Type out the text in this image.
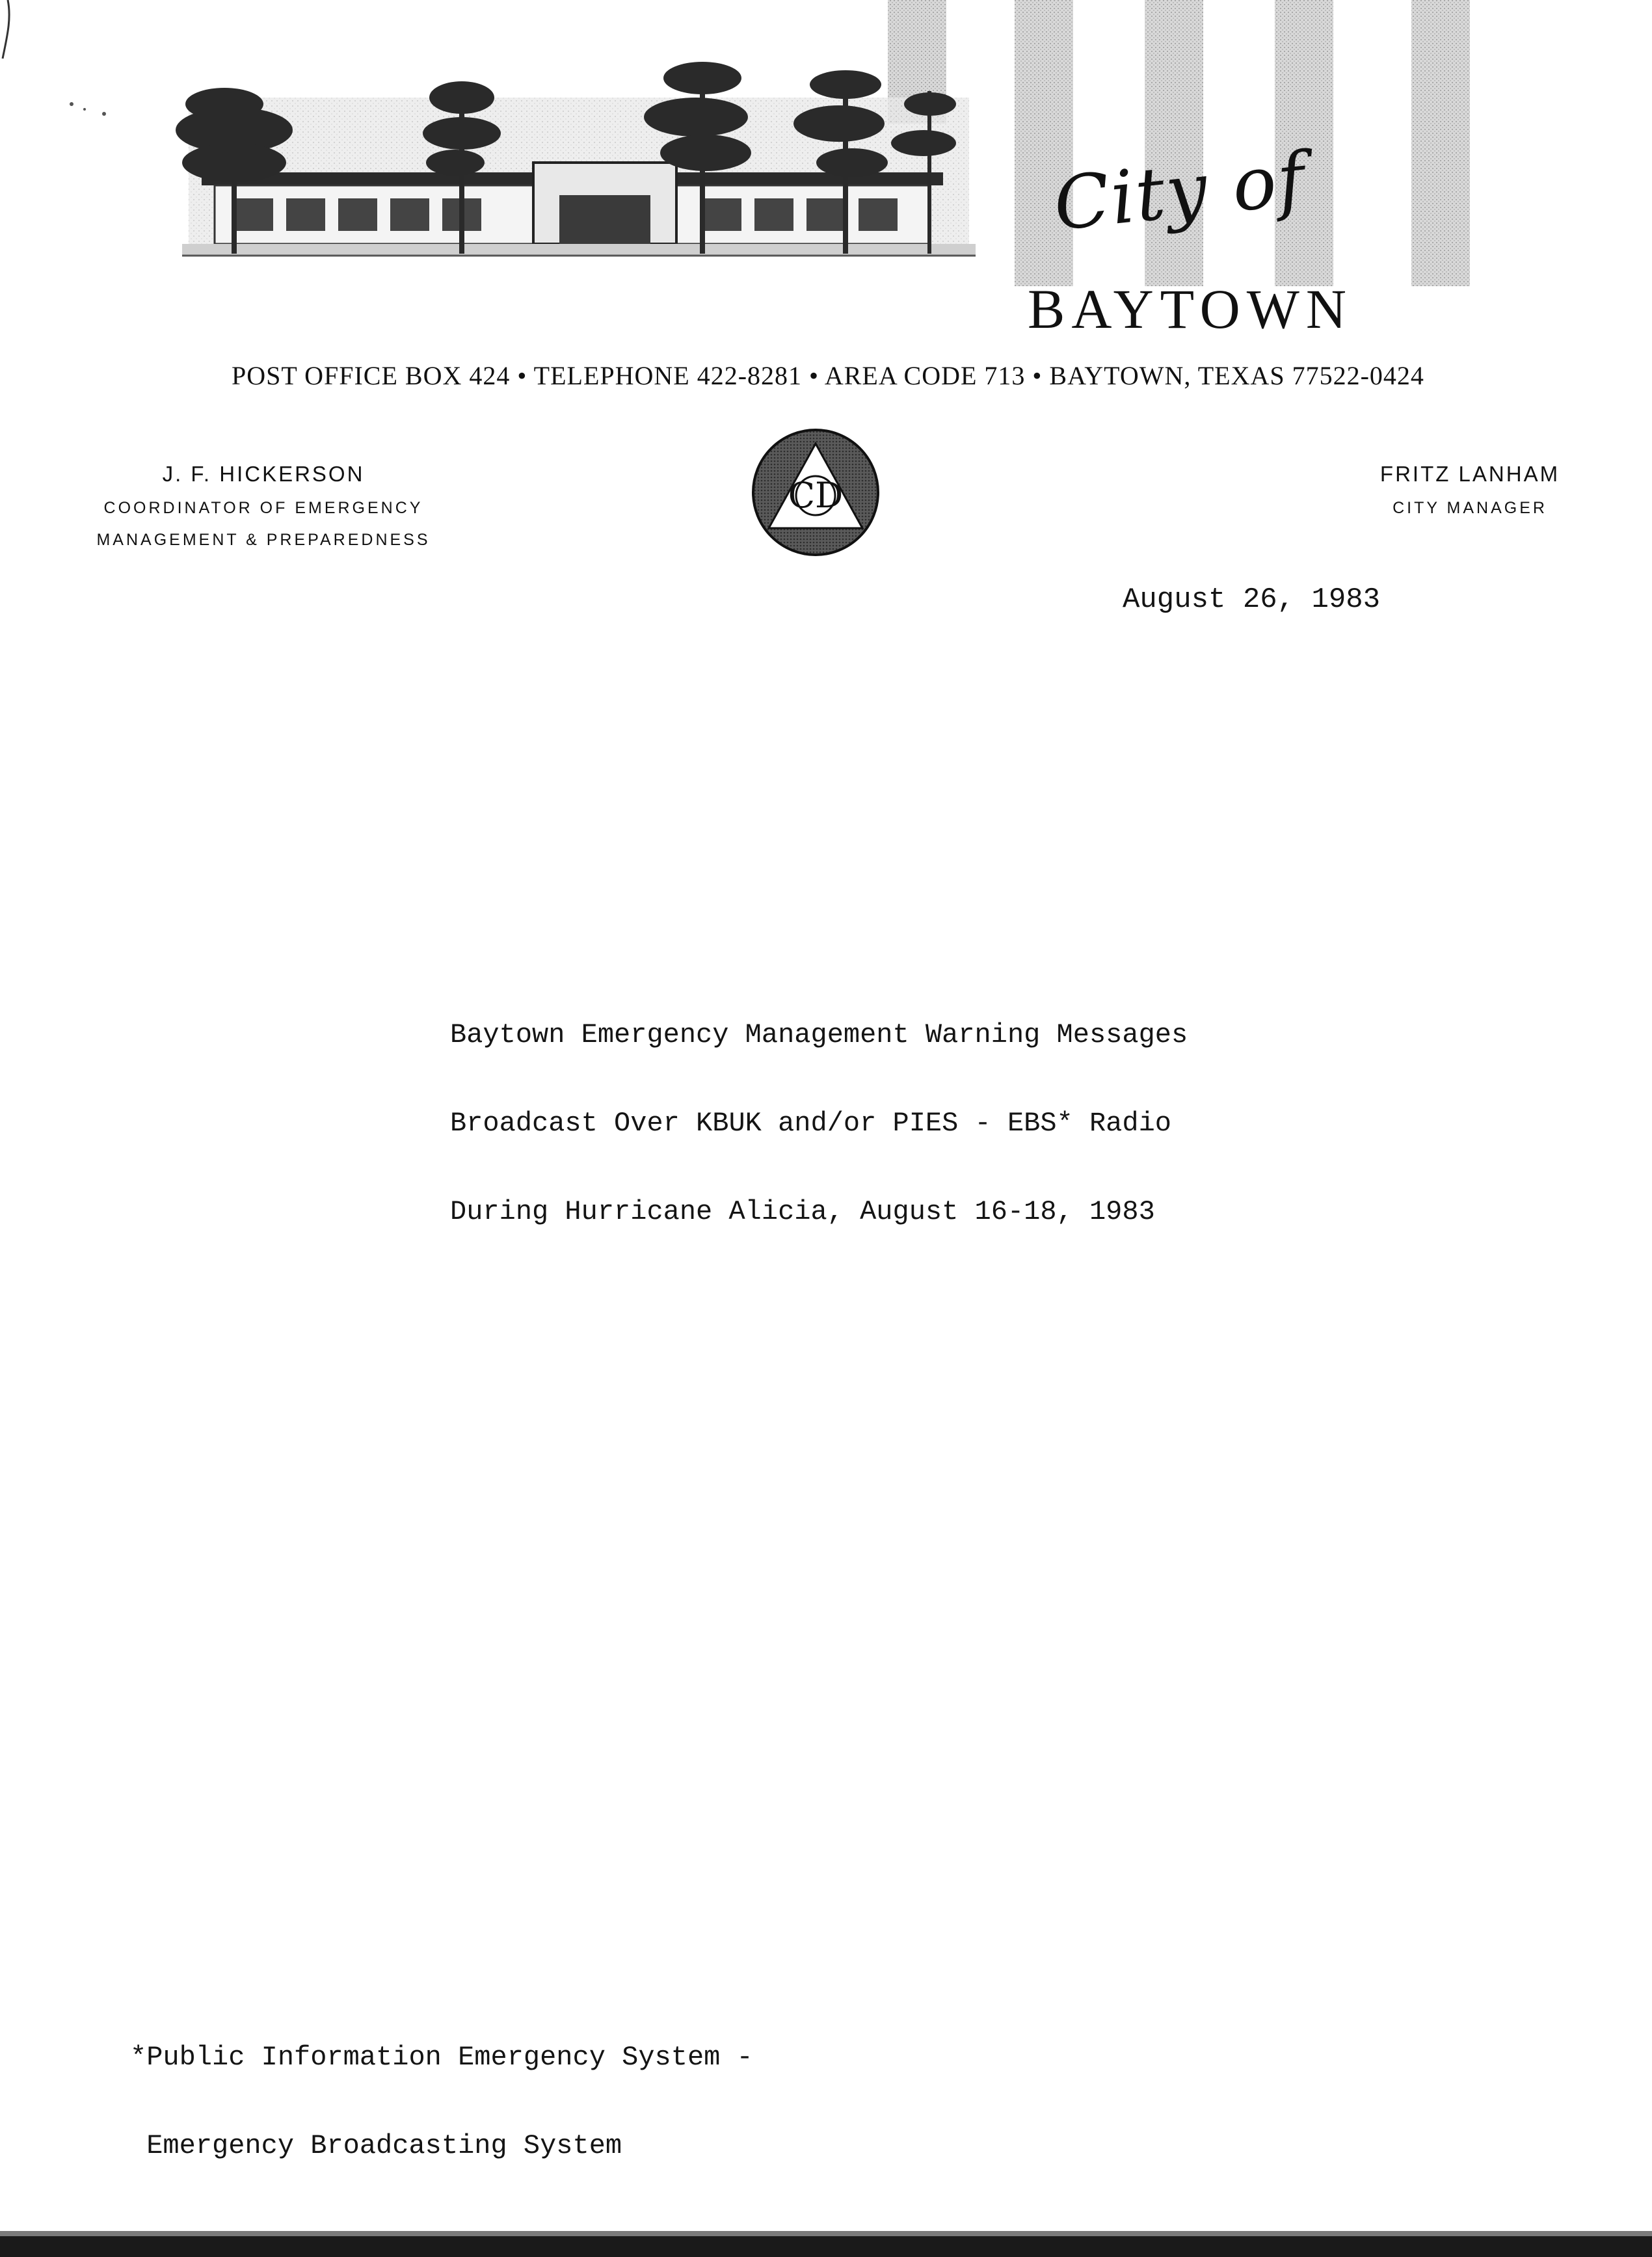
City of
BAYTOWN
POST OFFICE BOX 424 • TELEPHONE 422-8281 • AREA CODE 713 • BAYTOWN, TEXAS 77522-0424
J. F. HICKERSON
COORDINATOR OF EMERGENCY
MANAGEMENT & PREPAREDNESS
CD
FRITZ LANHAM
CITY MANAGER
August 26, 1983

Baytown Emergency Management Warning Messages

Broadcast Over KBUK and/or PIES - EBS* Radio

During Hurricane Alicia, August 16-18, 1983

*Public Information Emergency System -

Emergency Broadcasting System
